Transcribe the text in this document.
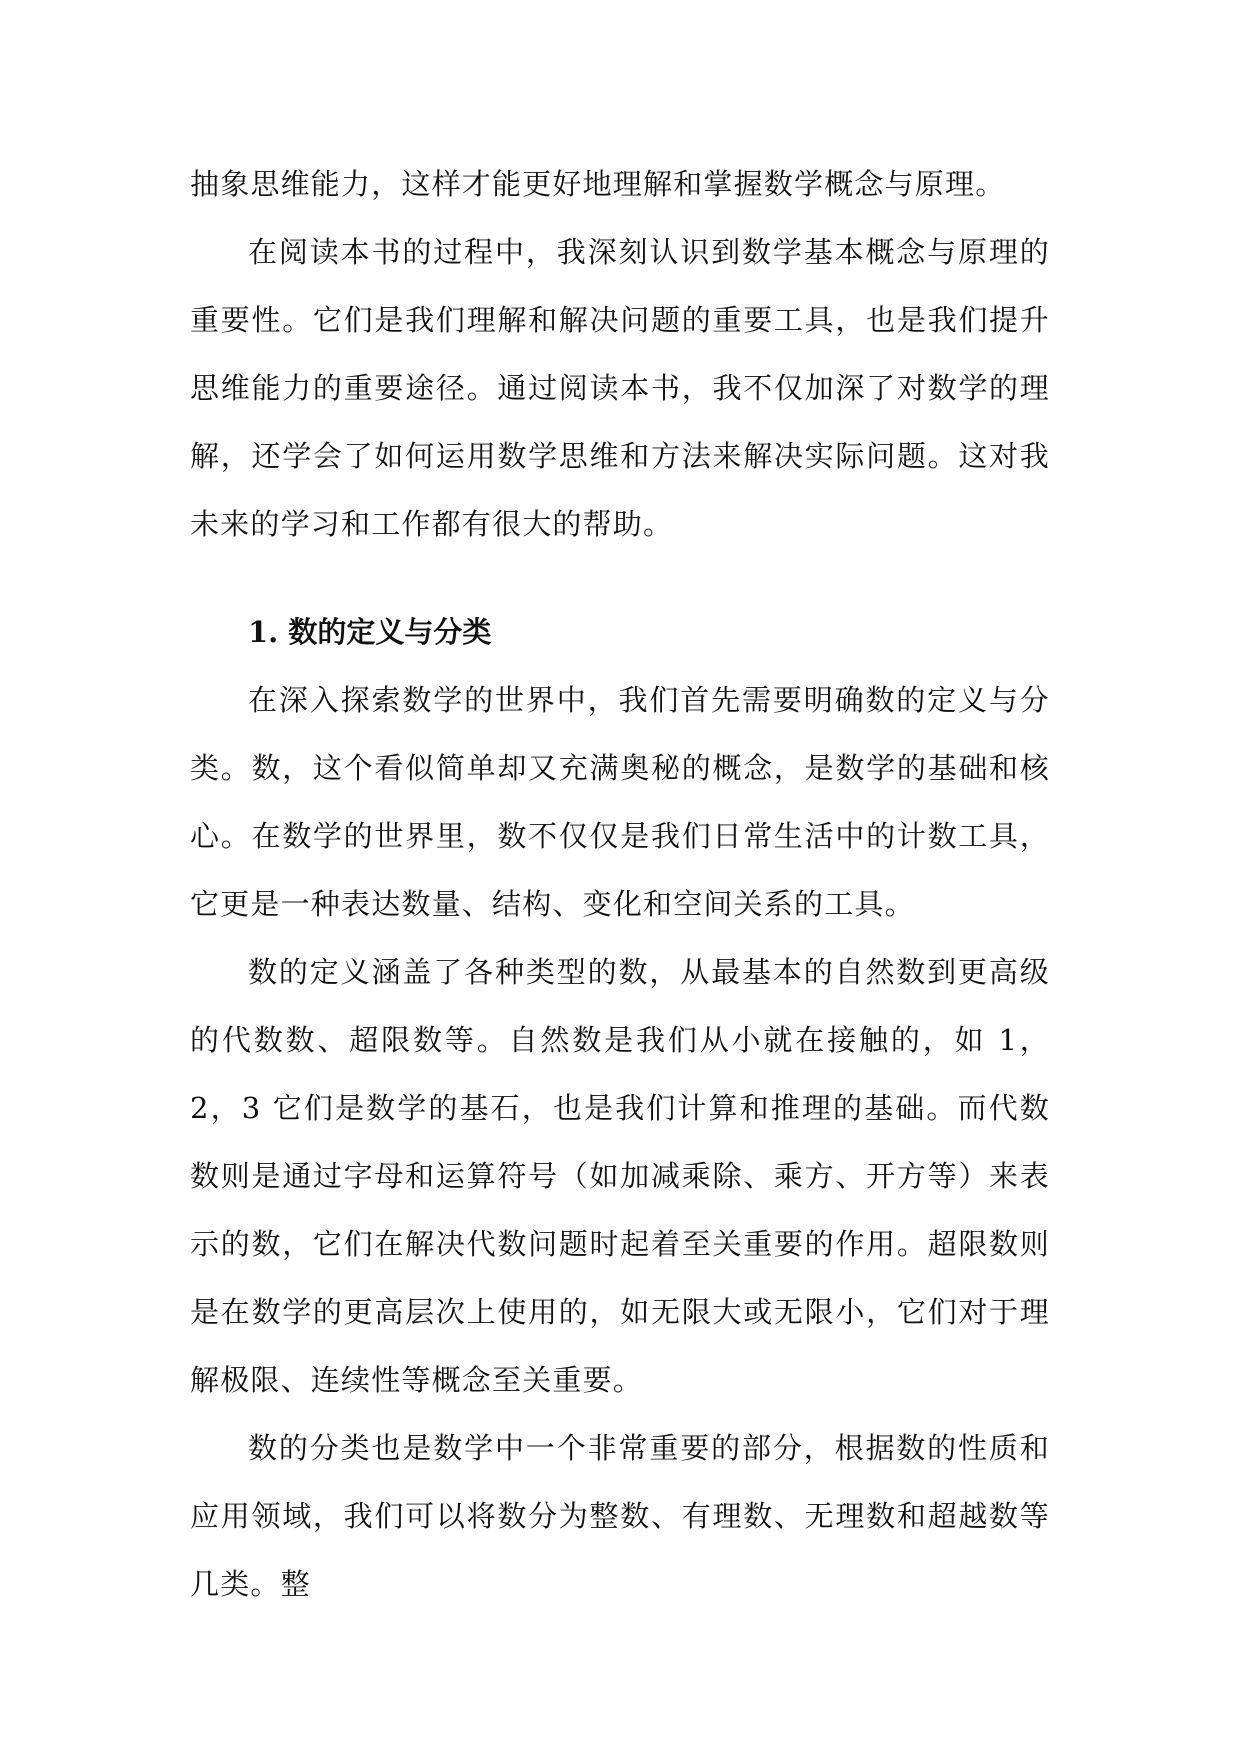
抽象思维能力，这样才能更好地理解和掌握数学概念与原理。

在阅读本书的过程中，我深刻认识到数学基本概念与原理的重要性。它们是我们理解和解决问题的重要工具，也是我们提升思维能力的重要途径。通过阅读本书，我不仅加深了对数学的理解，还学会了如何运用数学思维和方法来解决实际问题。这对我未来的学习和工作都有很大的帮助。

1. 数的定义与分类

在深入探索数学的世界中，我们首先需要明确数的定义与分类。数，这个看似简单却又充满奥秘的概念，是数学的基础和核心。在数学的世界里，数不仅仅是我们日常生活中的计数工具，它更是一种表达数量、结构、变化和空间关系的工具。

数的定义涵盖了各种类型的数，从最基本的自然数到更高级的代数数、超限数等。自然数是我们从小就在接触的，如 1，2，3 它们是数学的基石，也是我们计算和推理的基础。而代数数则是通过字母和运算符号（如加减乘除、乘方、开方等）来表示的数，它们在解决代数问题时起着至关重要的作用。超限数则是在数学的更高层次上使用的，如无限大或无限小，它们对于理解极限、连续性等概念至关重要。

数的分类也是数学中一个非常重要的部分，根据数的性质和应用领域，我们可以将数分为整数、有理数、无理数和超越数等几类。整
